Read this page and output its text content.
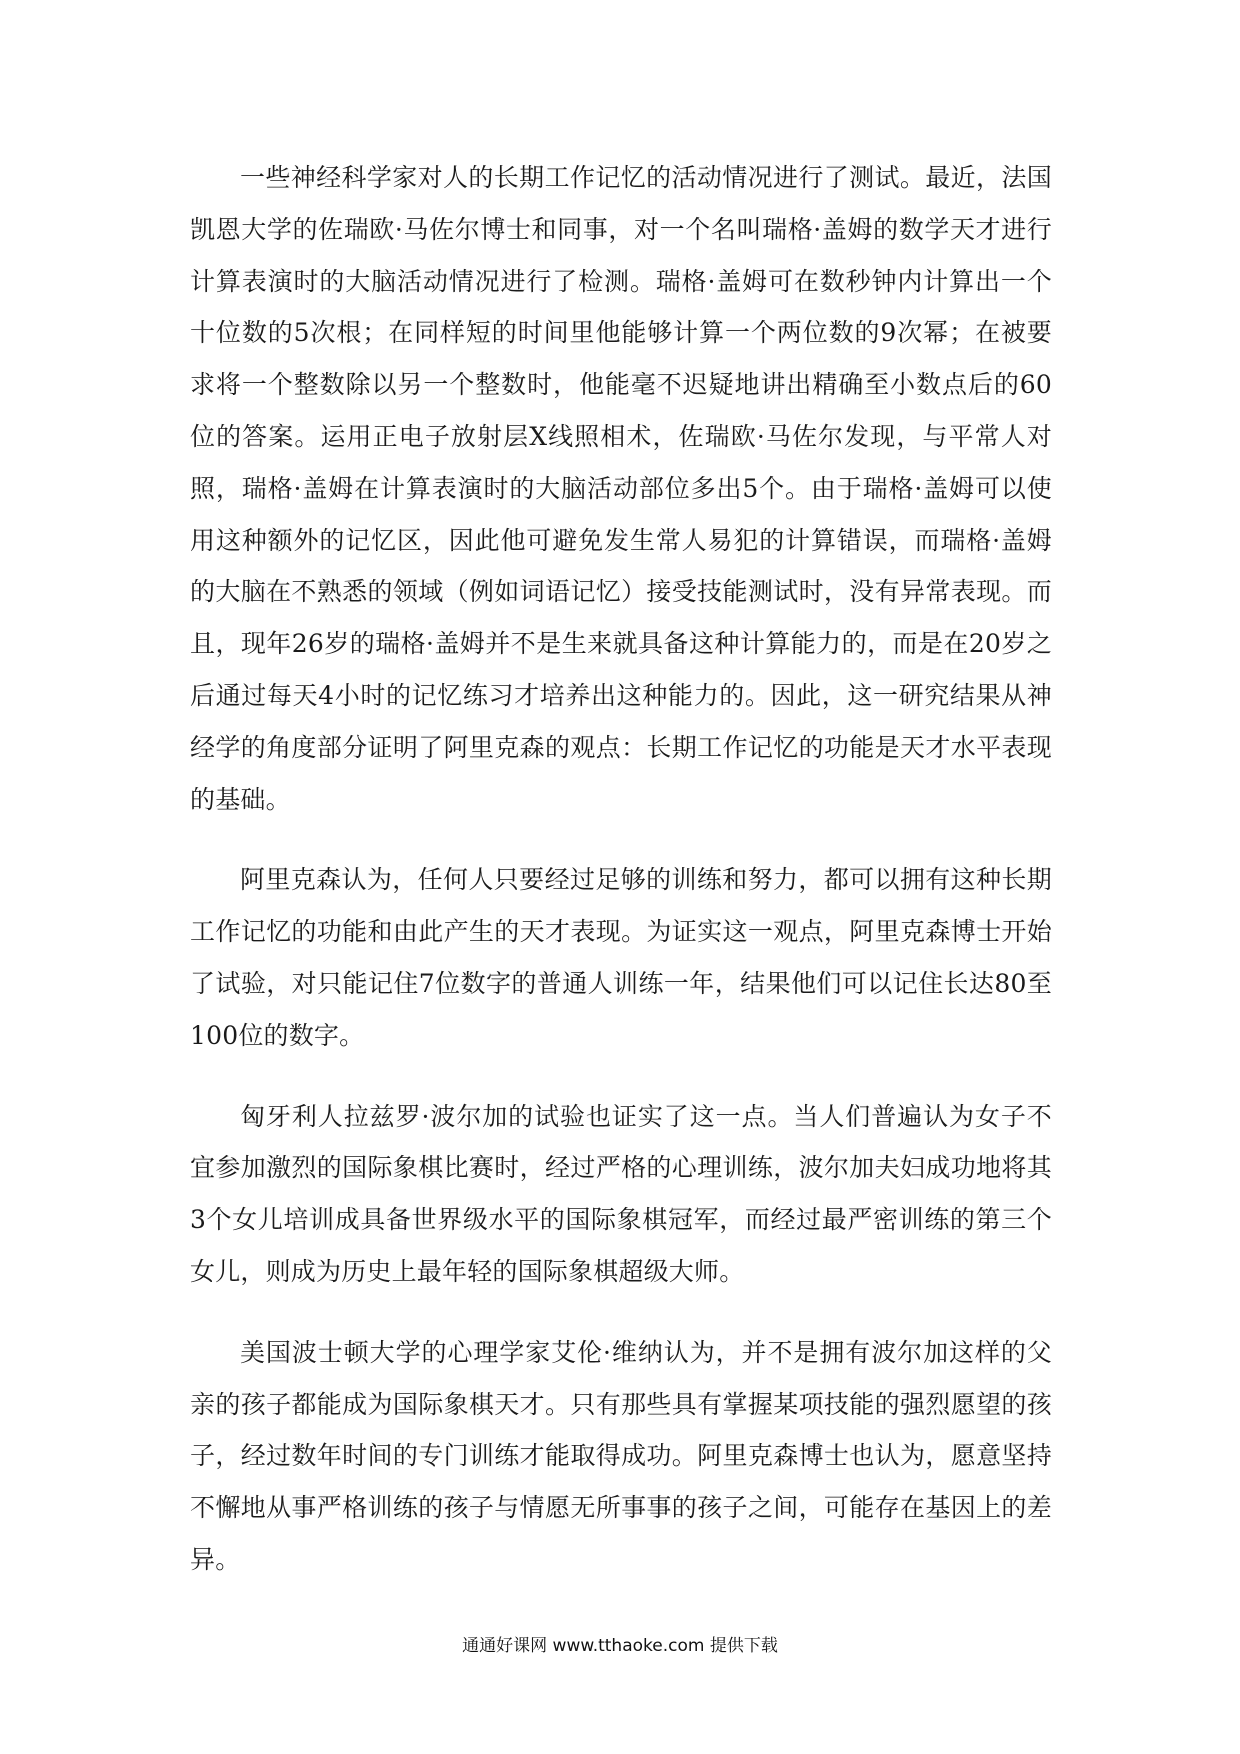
一些神经科学家对人的长期工作记忆的活动情况进行了测试。最近，法国凯恩大学的佐瑞欧·马佐尔博士和同事，对一个名叫瑞格·盖姆的数学天才进行计算表演时的大脑活动情况进行了检测。瑞格·盖姆可在数秒钟内计算出一个十位数的5次根；在同样短的时间里他能够计算一个两位数的9次幂；在被要求将一个整数除以另一个整数时，他能毫不迟疑地讲出精确至小数点后的60位的答案。运用正电子放射层X线照相术，佐瑞欧·马佐尔发现，与平常人对照，瑞格·盖姆在计算表演时的大脑活动部位多出5个。由于瑞格·盖姆可以使用这种额外的记忆区，因此他可避免发生常人易犯的计算错误，而瑞格·盖姆的大脑在不熟悉的领域（例如词语记忆）接受技能测试时，没有异常表现。而且，现年26岁的瑞格·盖姆并不是生来就具备这种计算能力的，而是在20岁之后通过每天4小时的记忆练习才培养出这种能力的。因此，这一研究结果从神经学的角度部分证明了阿里克森的观点：长期工作记忆的功能是天才水平表现的基础。

阿里克森认为，任何人只要经过足够的训练和努力，都可以拥有这种长期工作记忆的功能和由此产生的天才表现。为证实这一观点，阿里克森博士开始了试验，对只能记住7位数字的普通人训练一年，结果他们可以记住长达80至100位的数字。

匈牙利人拉兹罗·波尔加的试验也证实了这一点。当人们普遍认为女子不宜参加激烈的国际象棋比赛时，经过严格的心理训练，波尔加夫妇成功地将其3个女儿培训成具备世界级水平的国际象棋冠军，而经过最严密训练的第三个女儿，则成为历史上最年轻的国际象棋超级大师。

美国波士顿大学的心理学家艾伦·维纳认为，并不是拥有波尔加这样的父亲的孩子都能成为国际象棋天才。只有那些具有掌握某项技能的强烈愿望的孩子，经过数年时间的专门训练才能取得成功。阿里克森博士也认为，愿意坚持不懈地从事严格训练的孩子与情愿无所事事的孩子之间，可能存在基因上的差异。

通通好课网 www.tthaoke.com 提供下载
